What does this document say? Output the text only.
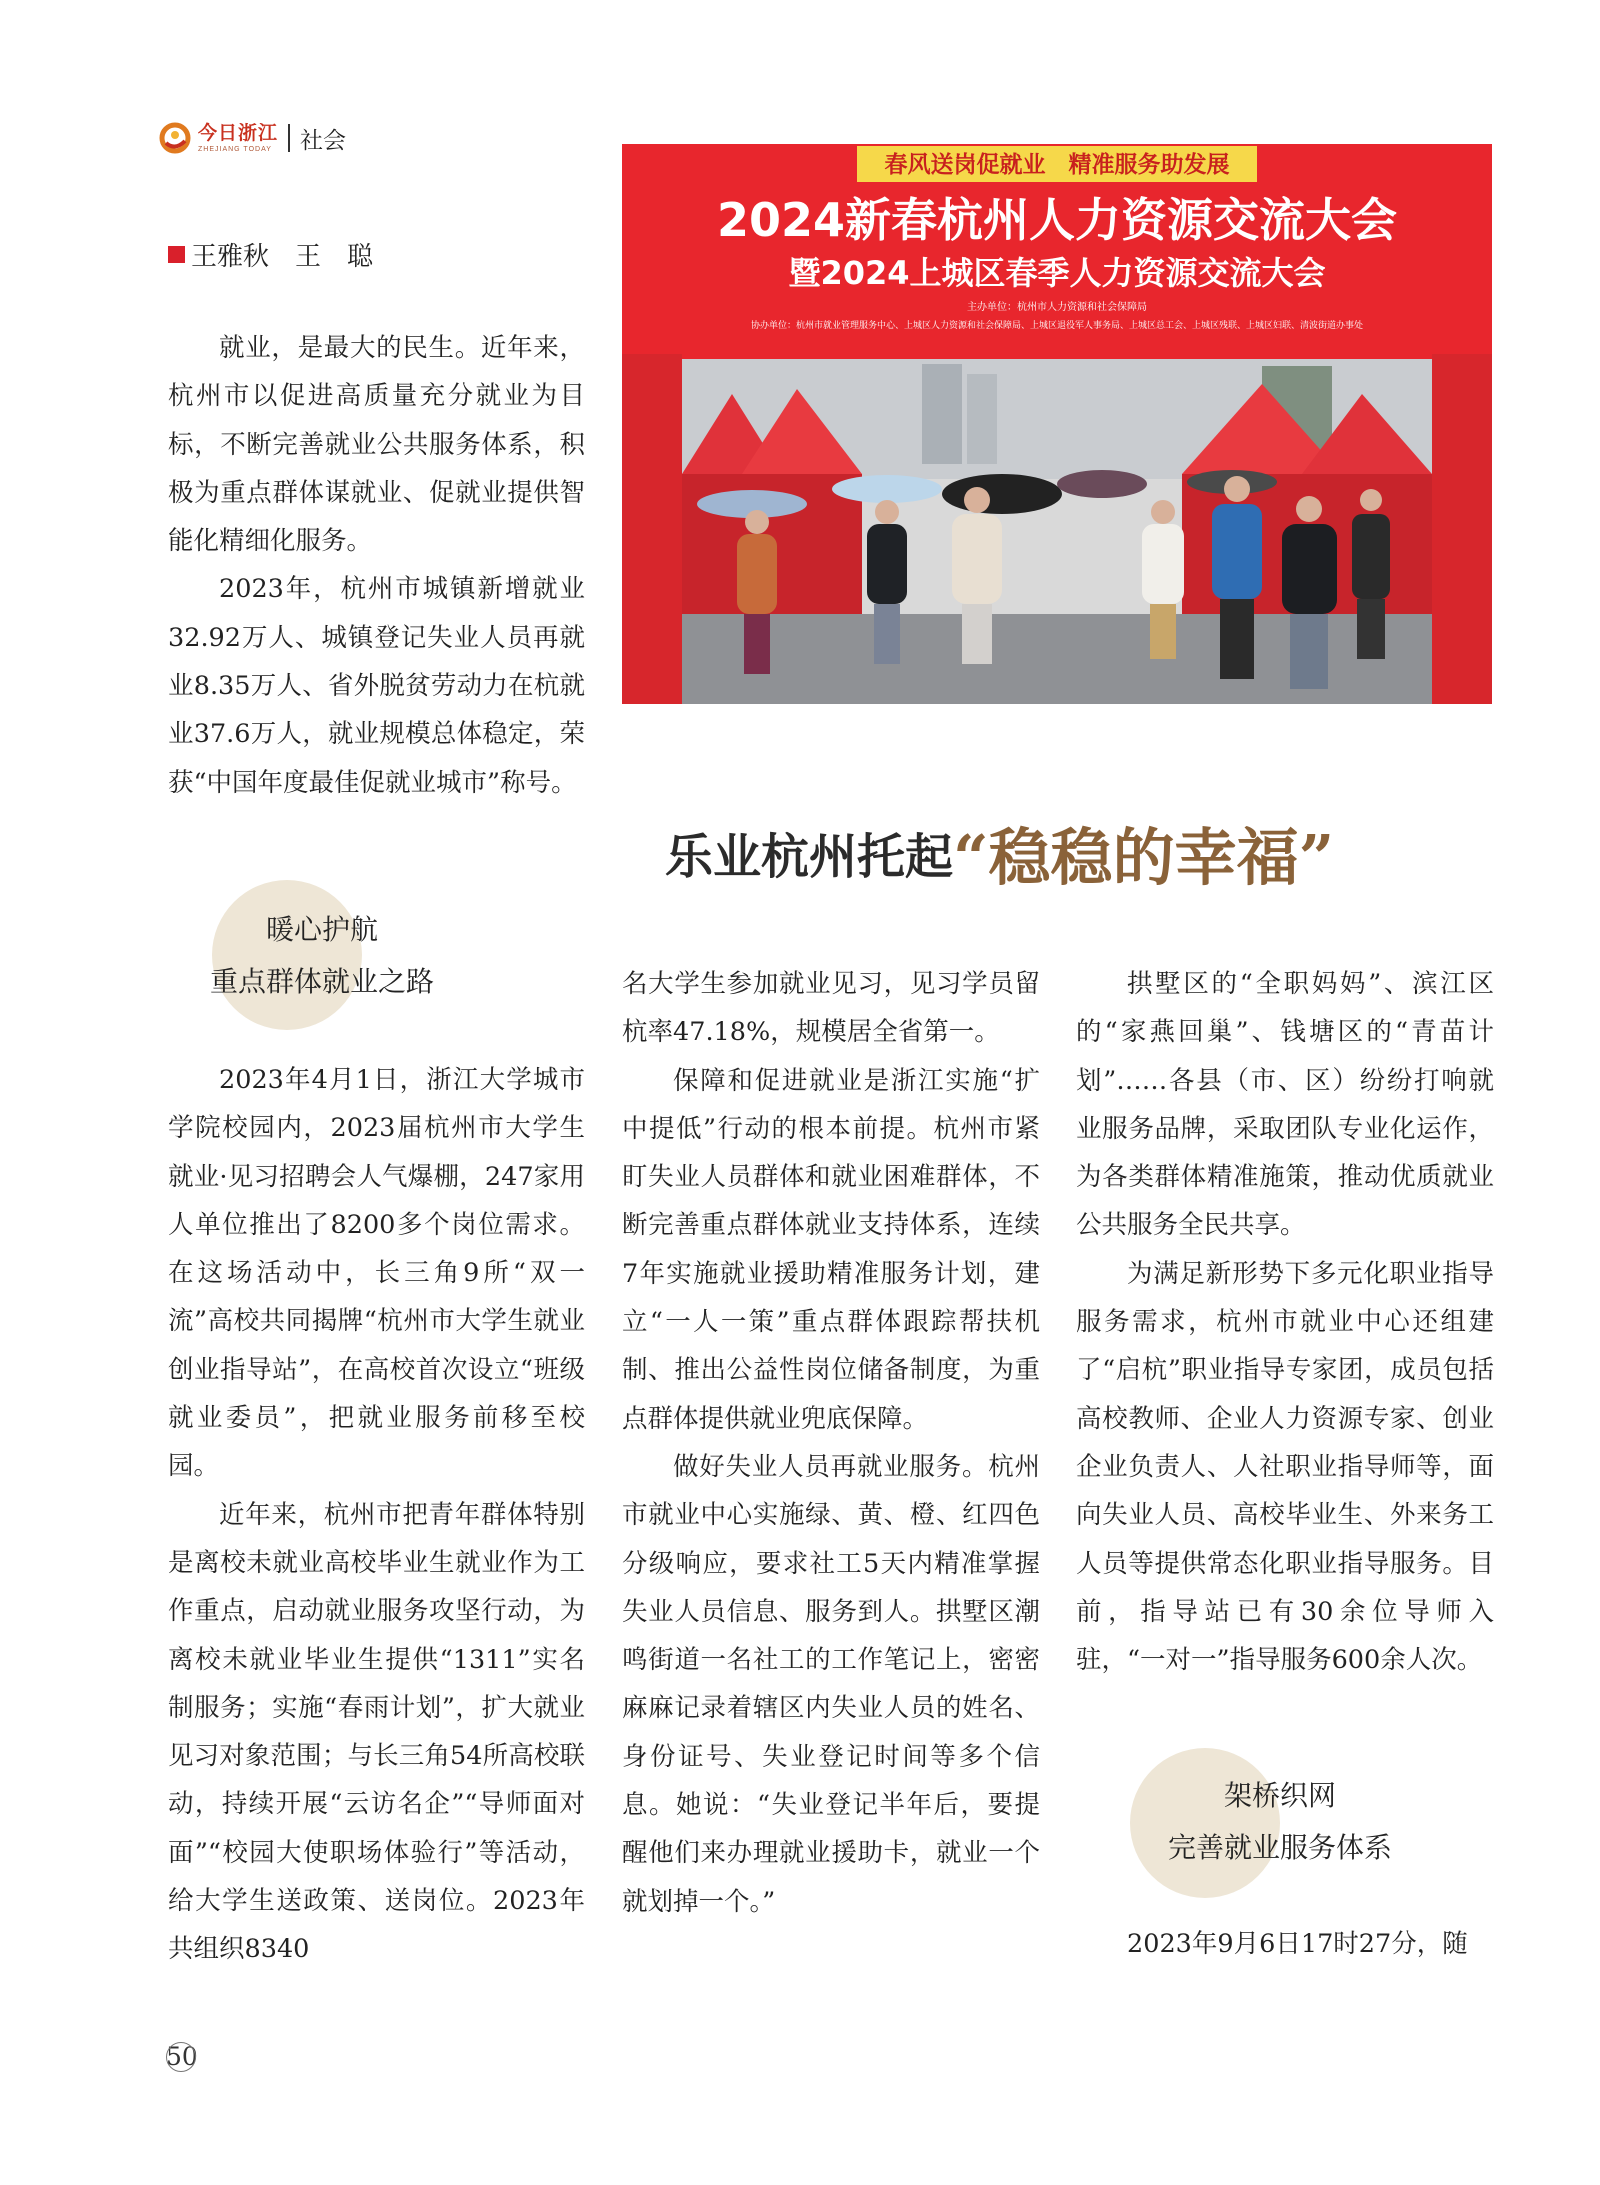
今日浙江
ZHEJIANG TODAY 社会
王雅秋　王　聪
春风送岗促就业　精准服务助发展
2024新春杭州人力资源交流大会
暨2024上城区春季人力资源交流大会
主办单位：杭州市人力资源和社会保障局
协办单位：杭州市就业管理服务中心、上城区人力资源和社会保障局、上城区退役军人事务局、上城区总工会、上城区残联、上城区妇联、清波街道办事处
乐业杭州托起“稳稳的幸福”

就业，是最大的民生。近年来，杭州市以促进高质量充分就业为目标，不断完善就业公共服务体系，积极为重点群体谋就业、促就业提供智能化精细化服务。

2023年，杭州市城镇新增就业32.92万人、城镇登记失业人员再就业8.35万人、省外脱贫劳动力在杭就业37.6万人，就业规模总体稳定，荣获“中国年度最佳促就业城市”称号。

暖心护航
重点群体就业之路

2023年4月1日，浙江大学城市学院校园内，2023届杭州市大学生就业·见习招聘会人气爆棚，247家用人单位推出了8200多个岗位需求。在这场活动中，长三角9所“双一流”高校共同揭牌“杭州市大学生就业创业指导站”，在高校首次设立“班级就业委员”，把就业服务前移至校园。

近年来，杭州市把青年群体特别是离校未就业高校毕业生就业作为工作重点，启动就业服务攻坚行动，为离校未就业毕业生提供“1311”实名制服务；实施“春雨计划”，扩大就业见习对象范围；与长三角54所高校联动，持续开展“云访名企”“导师面对面”“校园大使职场体验行”等活动，给大学生送政策、送岗位。2023年共组织8340

名大学生参加就业见习，见习学员留杭率47.18%，规模居全省第一。

保障和促进就业是浙江实施“扩中提低”行动的根本前提。杭州市紧盯失业人员群体和就业困难群体，不断完善重点群体就业支持体系，连续7年实施就业援助精准服务计划，建立“一人一策”重点群体跟踪帮扶机制、推出公益性岗位储备制度，为重点群体提供就业兜底保障。

做好失业人员再就业服务。杭州市就业中心实施绿、黄、橙、红四色分级响应，要求社工5天内精准掌握失业人员信息、服务到人。拱墅区潮鸣街道一名社工的工作笔记上，密密麻麻记录着辖区内失业人员的姓名、身份证号、失业登记时间等多个信息。她说：“失业登记半年后，要提醒他们来办理就业援助卡，就业一个就划掉一个。”

拱墅区的“全职妈妈”、滨江区的“家燕回巢”、钱塘区的“青苗计划”……各县（市、区）纷纷打响就业服务品牌，采取团队专业化运作，为各类群体精准施策，推动优质就业公共服务全民共享。

为满足新形势下多元化职业指导服务需求，杭州市就业中心还组建了“启杭”职业指导专家团，成员包括高校教师、企业人力资源专家、创业企业负责人、人社职业指导师等，面向失业人员、高校毕业生、外来务工人员等提供常态化职业指导服务。目前，指导站已有30余位导师入驻，“一对一”指导服务600余人次。

架桥织网
完善就业服务体系

2023年9月6日17时27分，随

50
